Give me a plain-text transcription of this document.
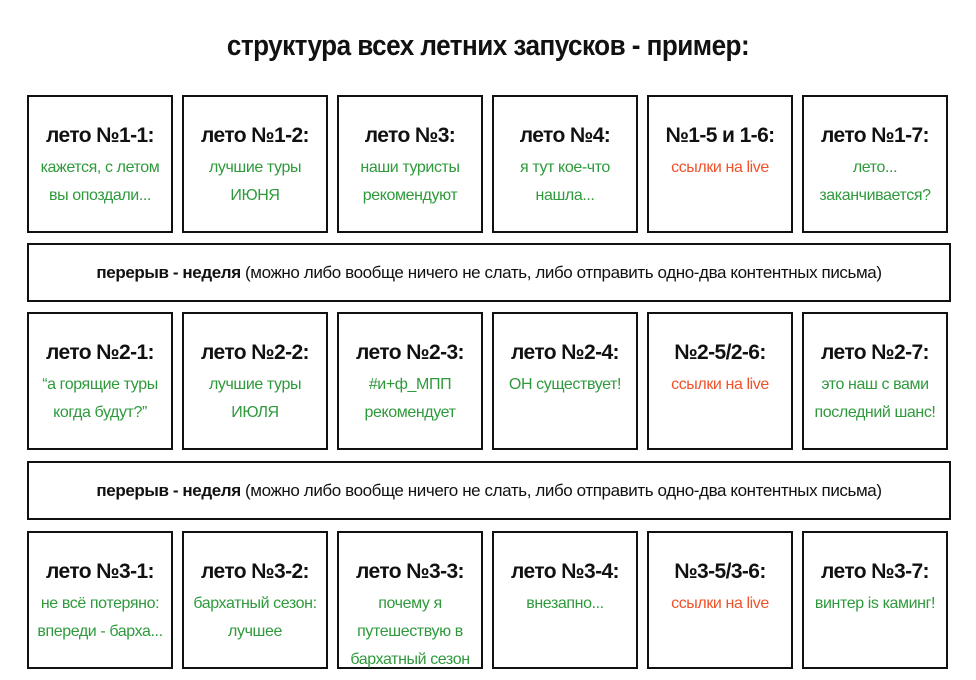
структура всех летних запусков - пример:
лето №1-1:
кажется, с летом вы опоздали...
лето №1-2:
лучшие туры ИЮНЯ
лето №3:
наши туристы рекомендуют
лето №4:
я тут кое-что нашла...
№1-5 и 1-6:
ссылки на live
лето №1-7:
лето... заканчивается?
перерыв - неделя
(можно либо вообще ничего не слать, либо отправить одно-два контентных письма)
лето №2-1:
“а горящие туры когда будут?”
лето №2-2:
лучшие туры ИЮЛЯ
лето №2-3:
#и+ф_МПП рекомендует
лето №2-4:
ОН существует!
№2-5/2-6:
ссылки на live
лето №2-7:
это наш с вами последний шанс!
перерыв - неделя
(можно либо вообще ничего не слать, либо отправить одно-два контентных письма)
лето №3-1:
не всё потеряно: впереди - барха...
лето №3-2:
бархатный сезон: лучшее
лето №3-3:
почему я путешествую в бархатный сезон
лето №3-4:
внезапно...
№3-5/3-6:
ссылки на live
лето №3-7:
винтер is каминг!
